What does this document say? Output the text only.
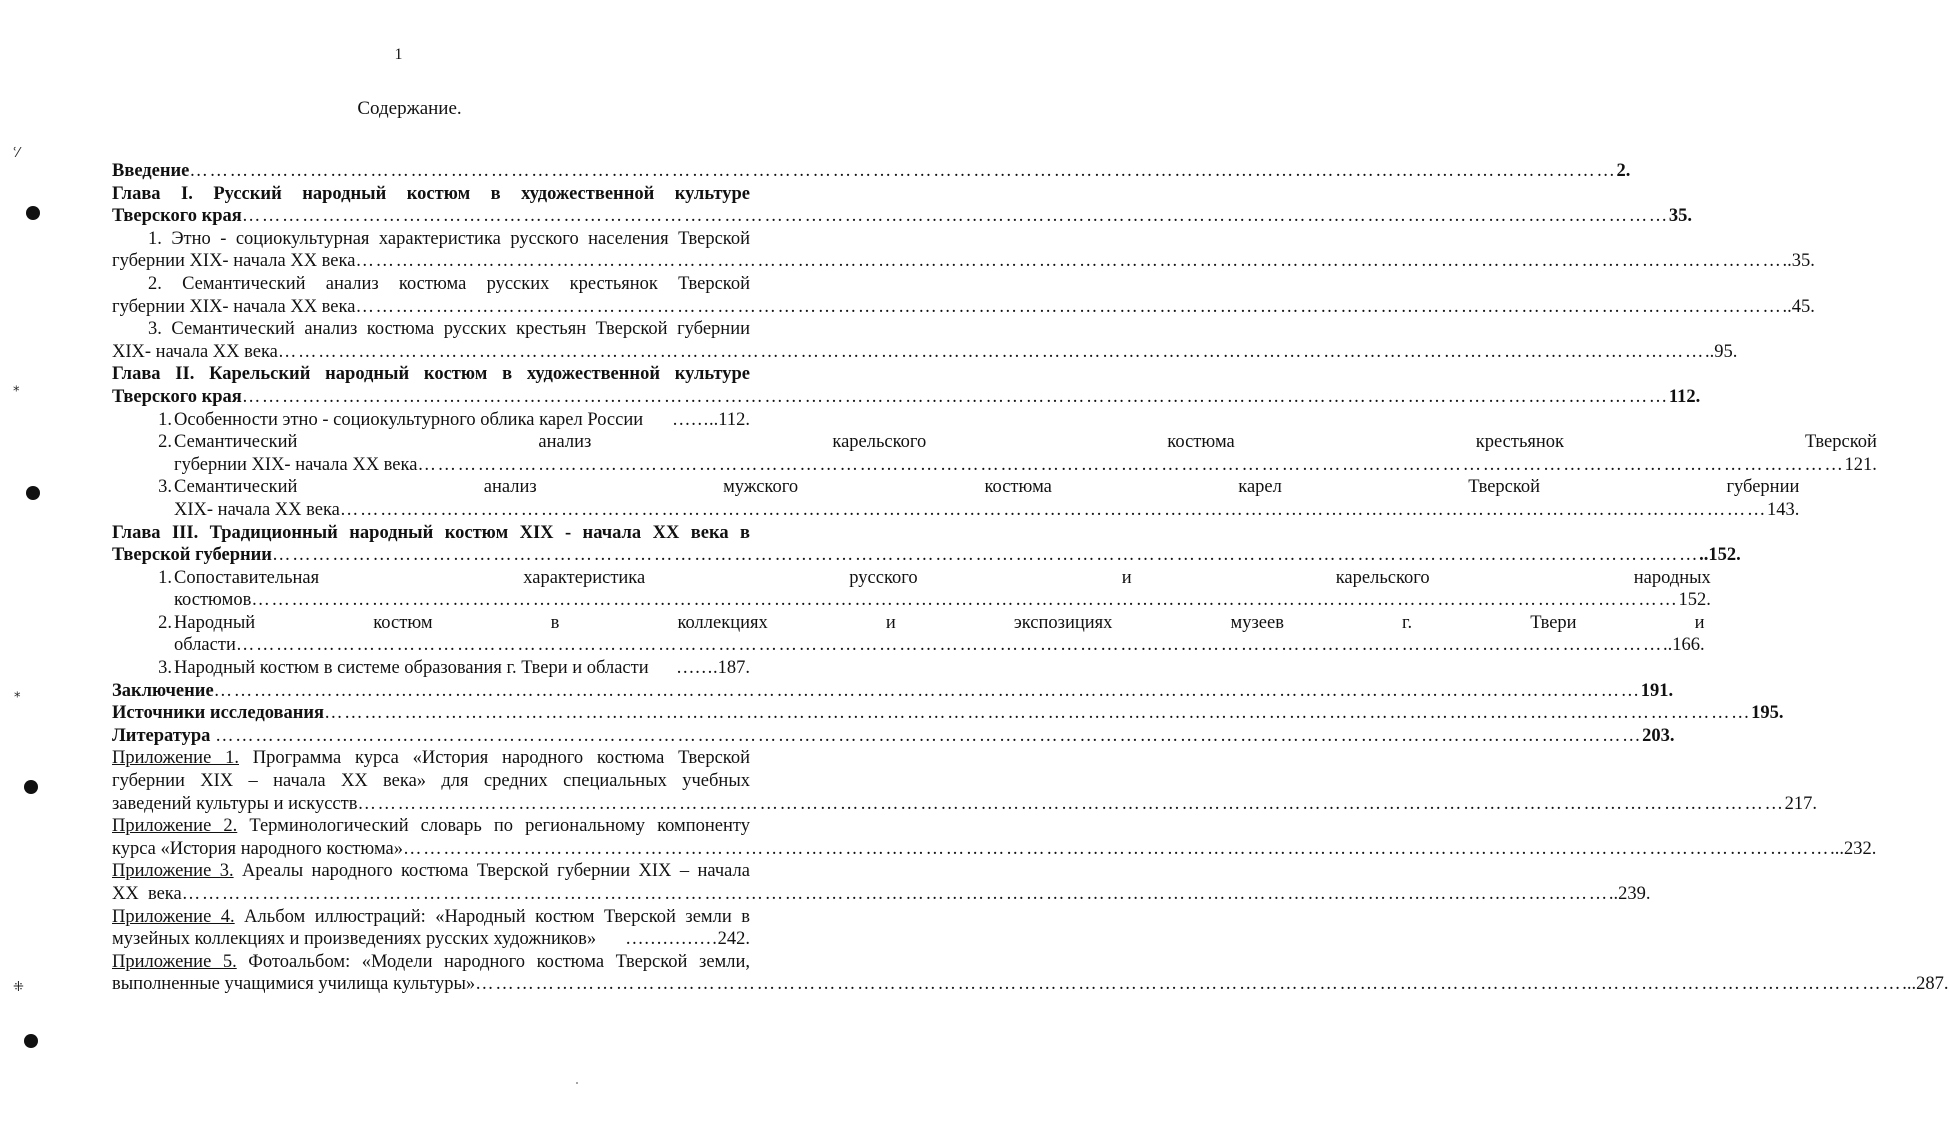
1
Содержание.
ՙ⁄
⁎
⁎
⁜
Введение …………………………………………………………………………………………………………………………………………………………………………………………… 2.
Глава I. Русский народный костюм в художественной культуре
Тверского края …………………………………………………………………………………………………………………………………………………………………………………………… 35.
1. Этно - социокультурная характеристика русского населения Тверской
губернии XIX- начала XX века …………………………………………………………………………………………………………………………………………………………………………………………… ..35.
2. Семантический анализ костюма русских крестьянок Тверской
губернии XIX- начала XX века …………………………………………………………………………………………………………………………………………………………………………………………… ..45.
3. Семантический анализ костюма русских крестьян Тверской губернии
XIX- начала XX века …………………………………………………………………………………………………………………………………………………………………………………………… ..95.
Глава II. Карельский народный костюм в художественной культуре
Тверского края …………………………………………………………………………………………………………………………………………………………………………………………… 112.
1. Особенности этно - социокультурного облика карел России ……..112.
2. Семантический анализ карельского костюма крестьянок Тверской
губернии XIX- начала XX века …………………………………………………………………………………………………………………………………………………………………………………………… 121.
3. Семантический анализ мужского костюма карел Тверской губернии
XIX- начала XX века …………………………………………………………………………………………………………………………………………………………………………………………… 143.
Глава III. Традиционный народный костюм XIX - начала XX века в
Тверской губернии …………………………………………………………………………………………………………………………………………………………………………………………… ..152.
1. Сопоставительная характеристика русского и карельского народных
костюмов …………………………………………………………………………………………………………………………………………………………………………………………… 152.
2. Народный костюм в коллекциях и экспозициях музеев г. Твери и
области …………………………………………………………………………………………………………………………………………………………………………………………… ..166.
3. Народный костюм в системе образования г. Твери и области …….187.
Заключение …………………………………………………………………………………………………………………………………………………………………………………………… 191.
Источники исследования …………………………………………………………………………………………………………………………………………………………………………………………… 195.
Литература …………………………………………………………………………………………………………………………………………………………………………………………… 203.
Приложение 1. Программа курса «История народного костюма Тверской
губернии XIX – начала XX века» для средних специальных учебных
заведений культуры и искусств …………………………………………………………………………………………………………………………………………………………………………………………… 217.
Приложение 2. Терминологический словарь по региональному компоненту
курса «История народного костюма» …………………………………………………………………………………………………………………………………………………………………………………………… ...232.
Приложение 3. Ареалы народного костюма Тверской губернии XIX – начала
XX  века …………………………………………………………………………………………………………………………………………………………………………………………… ..239.
Приложение 4. Альбом иллюстраций: «Народный костюм Тверской земли в
музейных коллекциях и произведениях русских художников» ……………242.
Приложение 5. Фотоальбом: «Модели народного костюма Тверской земли,
выполненные учащимися училища культуры» …………………………………………………………………………………………………………………………………………………………………………………………… ...287.
